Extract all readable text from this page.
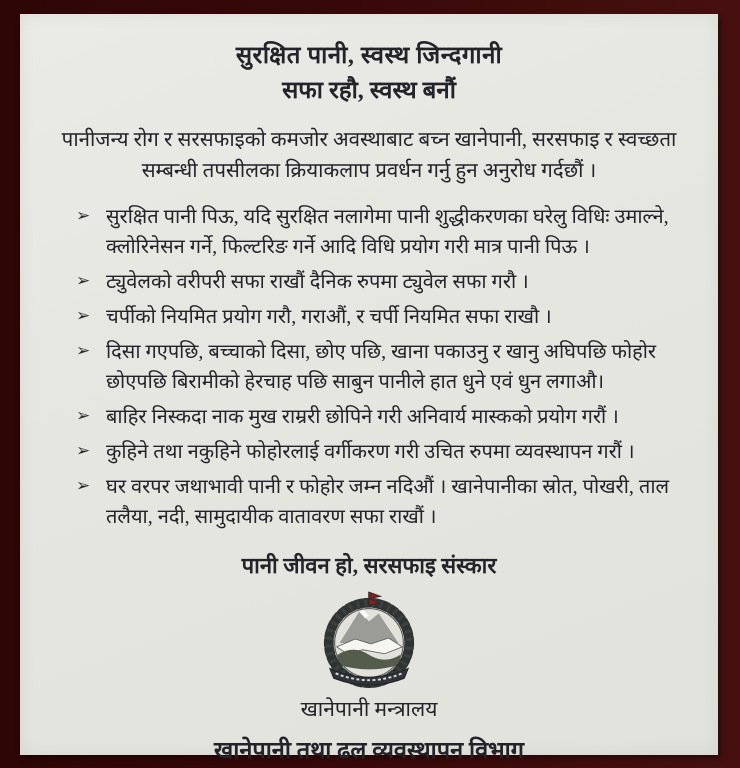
सुरक्षित पानी, स्वस्थ जिन्दगानी
सफा रहौ, स्वस्थ बनौं
पानीजन्य रोग र सरसफाइको कमजोर अवस्थाबाट बच्न खानेपानी, सरसफाइ र स्वच्छता सम्बन्धी तपसीलका क्रियाकलाप प्रवर्धन गर्नु हुन अनुरोध गर्दछौं ।
➢ सुरक्षित पानी पिऊ, यदि सुरक्षित नलागेमा पानी शुद्धीकरणका घरेलु विधिः उमाल्ने, क्लोरिनेसन गर्ने, फिल्टरिङ गर्ने आदि विधि प्रयोग गरी मात्र पानी पिऊ ।
➢ ट्युवेलको वरीपरी सफा राखौं दैनिक रुपमा ट्युवेल सफा गरौ ।
➢ चर्पीको नियमित प्रयोग गरौ, गराऔं, र चर्पी नियमित सफा राखौ ।
➢ दिसा गएपछि, बच्चाको दिसा, छोए पछि, खाना पकाउनु र खानु अघिपछि फोहोर छोएपछि बिरामीको हेरचाह पछि साबुन पानीले हात धुने एवं धुन लगाऔ।
➢ बाहिर निस्कदा नाक मुख राम्ररी छोपिने गरी अनिवार्य मास्कको प्रयोग गरौं ।
➢ कुहिने तथा नकुहिने फोहोरलाई वर्गीकरण गरी उचित रुपमा व्यवस्थापन गरौं ।
➢ घर वरपर जथाभावी पानी र फोहोर जम्न नदिऔं । खानेपानीका स्रोत, पोखरी, ताल तलैया, नदी, सामुदायीक वातावरण सफा राखौं ।
पानी जीवन हो, सरसफाइ संस्कार
खानेपानी मन्त्रालय
खानेपानी तथा ढल व्यवस्थापन विभाग
